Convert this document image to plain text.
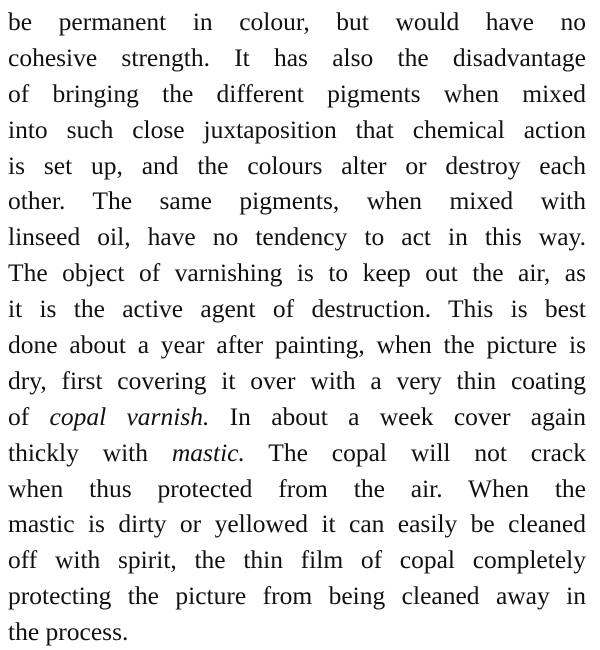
be permanent in colour, but would have no
cohesive strength. It has also the disadvantage
of bringing the different pigments when mixed
into such close juxtaposition that chemical action
is set up, and the colours alter or destroy each
other. The same pigments, when mixed with
linseed oil, have no tendency to act in this way.
The object of varnishing is to keep out the air, as
it is the active agent of destruction. This is best
done about a year after painting, when the picture is
dry, first covering it over with a very thin coating
of copal varnish. In about a week cover again
thickly with mastic. The copal will not crack
when thus protected from the air. When the
mastic is dirty or yellowed it can easily be cleaned
off with spirit, the thin film of copal completely
protecting the picture from being cleaned away in
the process.
